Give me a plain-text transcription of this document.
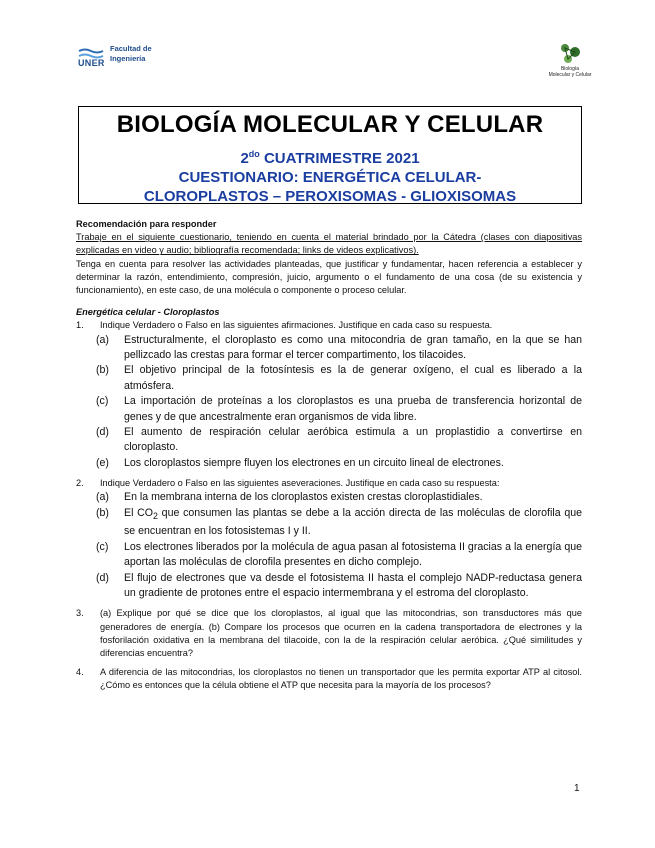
Facultad de
Ingeniería
UNER
Biología
Molecular y Celular
BIOLOGÍA MOLECULAR Y CELULAR
$2^{do}$ CUATRIMESTRE 2021
CUESTIONARIO: ENERGÉTICA CELULAR-
CLOROPLASTOS – PEROXISOMAS - GLIOXISOMAS
Recomendación para responder
Trabaje en el siguiente cuestionario, teniendo en cuenta el material brindado por la Cátedra (clases con diapositivas explicadas en video y audio; bibliografía recomendada; links de videos explicativos).
Tenga en cuenta para resolver las actividades planteadas, que justificar y fundamentar, hacen referencia a establecer y determinar la razón, entendimiento, compresión, juicio, argumento o el fundamento de una cosa (de su existencia y funcionamiento), en este caso, de una molécula o componente o proceso celular.
Energética celular - Cloroplastos
1. Indique Verdadero o Falso en las siguientes afirmaciones. Justifique en cada caso su respuesta.
(a) Estructuralmente, el cloroplasto es como una mitocondria de gran tamaño, en la que se han pellizcado las crestas para formar el tercer compartimento, los tilacoides.
(b) El objetivo principal de la fotosíntesis es la de generar oxígeno, el cual es liberado a la atmósfera.
(c) La importación de proteínas a los cloroplastos es una prueba de transferencia horizontal de genes y de que ancestralmente eran organismos de vida libre.
(d) El aumento de respiración celular aeróbica estimula a un proplastidio a convertirse en cloroplasto.
(e) Los cloroplastos siempre fluyen los electrones en un circuito lineal de electrones.
2. Indique Verdadero o Falso en las siguientes aseveraciones. Justifique en cada caso su respuesta:
(a) En la membrana interna de los cloroplastos existen crestas cloroplastidiales.
(b) El $CO_2$ que consumen las plantas se debe a la acción directa de las moléculas de clorofila que se encuentran en los fotosistemas I y II.
(c) Los electrones liberados por la molécula de agua pasan al fotosistema II gracias a la energía que aportan las moléculas de clorofila presentes en dicho complejo.
(d) El flujo de electrones que va desde el fotosistema II hasta el complejo NADP-reductasa genera un gradiente de protones entre el espacio intermembrana y el estroma del cloroplasto.
3. (a) Explique por qué se dice que los cloroplastos, al igual que las mitocondrias, son transductores más que generadores de energía. (b) Compare los procesos que ocurren en la cadena transportadora de electrones y la fosforilación oxidativa en la membrana del tilacoide, con la de la respiración celular aeróbica. ¿Qué similitudes y diferencias encuentra?
4. A diferencia de las mitocondrias, los cloroplastos no tienen un transportador que les permita exportar ATP al citosol. ¿Cómo es entonces que la célula obtiene el ATP que necesita para la mayoría de los procesos?
1
